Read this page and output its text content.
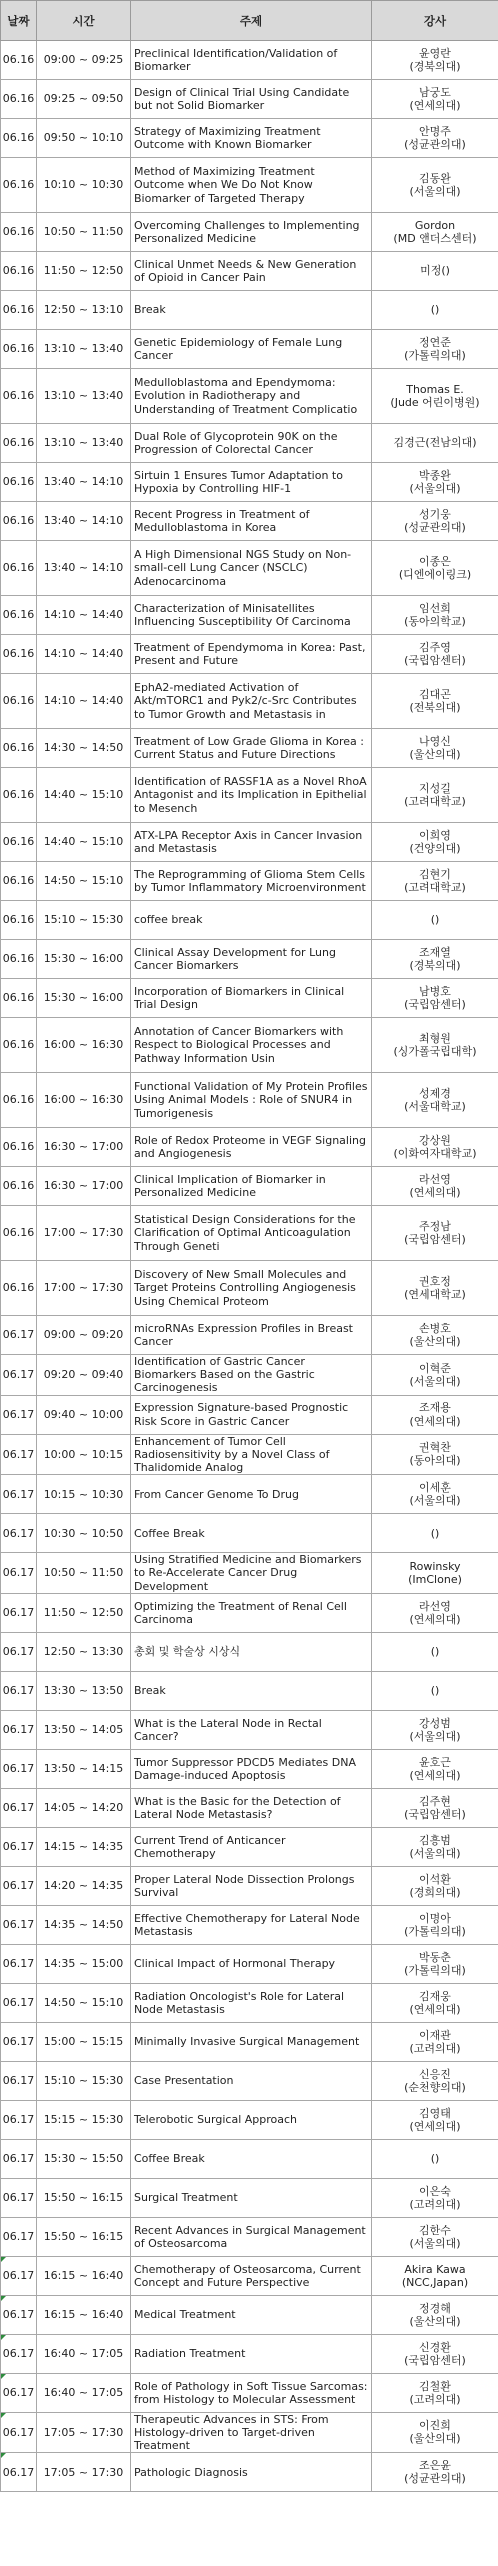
날짜	시간	주제	강사
06.16	09:00 ~ 09:25	Preclinical Identification/Validation of Biomarker	윤영란
(경북의대)
06.16	09:25 ~ 09:50	Design of Clinical Trial Using Candidate but not Solid Biomarker	남궁도
(연세의대)
06.16	09:50 ~ 10:10	Strategy of Maximizing Treatment Outcome with Known Biomarker	안명주
(성균관의대)
06.16	10:10 ~ 10:30	Method of Maximizing Treatment Outcome when We Do Not Know Biomarker of Targeted Therapy	김동완
(서울의대)
06.16	10:50 ~ 11:50	Overcoming Challenges to Implementing Personalized Medicine	Gordon
(MD 앤더스센터)
06.16	11:50 ~ 12:50	Clinical Unmet Needs & New Generation of Opioid in Cancer Pain	미정()
06.16	12:50 ~ 13:10	Break	()
06.16	13:10 ~ 13:40	Genetic Epidemiology of Female Lung Cancer	정연준
(가톨릭의대)
06.16	13:10 ~ 13:40	Medulloblastoma and Ependymoma: Evolution in Radiotherapy and Understanding of Treatment Complicatio	Thomas E.
(Jude 어린이병원)
06.16	13:10 ~ 13:40	Dual Role of Glycoprotein 90K on the Progression of Colorectal Cancer	김경근(전남의대)
06.16	13:40 ~ 14:10	Sirtuin 1 Ensures Tumor Adaptation to Hypoxia by Controlling HIF-1	박종완
(서울의대)
06.16	13:40 ~ 14:10	Recent Progress in Treatment of Medulloblastoma in Korea	성기웅
(성균관의대)
06.16	13:40 ~ 14:10	A High Dimensional NGS Study on Non-small-cell Lung Cancer (NSCLC) Adenocarcinoma	이종은
(디엔에이링크)
06.16	14:10 ~ 14:40	Characterization of Minisatellites Influencing Susceptibility Of Carcinoma	임선희
(동아의학교)
06.16	14:10 ~ 14:40	Treatment of Ependymoma in Korea: Past, Present and Future	김주영
(국립암센터)
06.16	14:10 ~ 14:40	EphA2-mediated Activation of Akt/mTORC1 and Pyk2/c-Src Contributes to Tumor Growth and Metastasis in	김대곤
(전북의대)
06.16	14:30 ~ 14:50	Treatment of Low Grade Glioma in Korea : Current Status and Future Directions	나영신
(울산의대)
06.16	14:40 ~ 15:10	Identification of RASSF1A as a Novel RhoA Antagonist and its Implication in Epithelial to Mesench	지성길
(고려대학교)
06.16	14:40 ~ 15:10	ATX-LPA Receptor Axis in Cancer Invasion and Metastasis	이희영
(건양의대)
06.16	14:50 ~ 15:10	The Reprogramming of Glioma Stem Cells by Tumor Inflammatory Microenvironment	김현기
(고려대학교)
06.16	15:10 ~ 15:30	coffee break	()
06.16	15:30 ~ 16:00	Clinical Assay Development for Lung Cancer Biomarkers	조재열
(경북의대)
06.16	15:30 ~ 16:00	Incorporation of Biomarkers in Clinical Trial Design	남병호
(국립암센터)
06.16	16:00 ~ 16:30	Annotation of Cancer Biomarkers with Respect to Biological Processes and Pathway Information Usin	최형원
(싱가폴국립대학)
06.16	16:00 ~ 16:30	Functional Validation of My Protein Profiles Using Animal Models : Role of SNUR4 in Tumorigenesis	성제경
(서울대학교)
06.16	16:30 ~ 17:00	Role of Redox Proteome in VEGF Signaling and Angiogenesis	강상원
(이화여자대학교)
06.16	16:30 ~ 17:00	Clinical Implication of Biomarker in Personalized Medicine	라선영
(연세의대)
06.16	17:00 ~ 17:30	Statistical Design Considerations for the Clarification of Optimal Anticoagulation Through Geneti	주정남
(국립암센터)
06.16	17:00 ~ 17:30	Discovery of New Small Molecules and Target Proteins Controlling Angiogenesis Using Chemical Proteom	권호정
(연세대학교)
06.17	09:00 ~ 09:20	microRNAs Expression Profiles in Breast Cancer	손병호
(울산의대)
06.17	09:20 ~ 09:40	Identification of Gastric Cancer Biomarkers Based on the Gastric Carcinogenesis	이혁준
(서울의대)
06.17	09:40 ~ 10:00	Expression Signature-based Prognostic Risk Score in Gastric Cancer	조재용
(연세의대)
06.17	10:00 ~ 10:15	Enhancement of Tumor Cell Radiosensitivity by a Novel Class of Thalidomide Analog	권혁찬
(동아의대)
06.17	10:15 ~ 10:30	From Cancer Genome To Drug	이세훈
(서울의대)
06.17	10:30 ~ 10:50	Coffee Break	()
06.17	10:50 ~ 11:50	Using Stratified Medicine and Biomarkers to Re-Accelerate Cancer Drug Development	Rowinsky
(ImClone)
06.17	11:50 ~ 12:50	Optimizing the Treatment of Renal Cell Carcinoma	라선영
(연세의대)
06.17	12:50 ~ 13:30	총회 및 학술상 시상식	()
06.17	13:30 ~ 13:50	Break	()
06.17	13:50 ~ 14:05	What is the Lateral Node in Rectal Cancer?	강성범
(서울의대)
06.17	13:50 ~ 14:15	Tumor Suppressor PDCD5 Mediates DNA Damage-induced Apoptosis	윤호근
(연세의대)
06.17	14:05 ~ 14:20	What is the Basic for the Detection of Lateral Node Metastasis?	김주현
(국립암센터)
06.17	14:15 ~ 14:35	Current Trend of Anticancer Chemotherapy	김흥범
(서울의대)
06.17	14:20 ~ 14:35	Proper Lateral Node Dissection Prolongs Survival	이석환
(경희의대)
06.17	14:35 ~ 14:50	Effective Chemotherapy for Lateral Node Metastasis	이명아
(가톨릭의대)
06.17	14:35 ~ 15:00	Clinical Impact of Hormonal Therapy	박동춘
(가톨릭의대)
06.17	14:50 ~ 15:10	Radiation Oncologist's Role for Lateral Node Metastasis	김재웅
(연세의대)
06.17	15:00 ~ 15:15	Minimally Invasive Surgical Management	이재관
(고려의대)
06.17	15:10 ~ 15:30	Case Presentation	신응진
(순천향의대)
06.17	15:15 ~ 15:30	Telerobotic Surgical Approach	김영태
(연세의대)
06.17	15:30 ~ 15:50	Coffee Break	()
06.17	15:50 ~ 16:15	Surgical Treatment	이은숙
(고려의대)
06.17	15:50 ~ 16:15	Recent Advances in Surgical Management of Osteosarcoma	김한수
(서울의대)
06.17	16:15 ~ 16:40	Chemotherapy of Osteosarcoma, Current Concept and Future Perspective	Akira Kawa
(NCC,Japan)
06.17	16:15 ~ 16:40	Medical Treatment	정경해
(울산의대)
06.17	16:40 ~ 17:05	Radiation Treatment	신경환
(국립암센터)
06.17	16:40 ~ 17:05	Role of Pathology in Soft Tissue Sarcomas: from Histology to Molecular Assessment	김철환
(고려의대)
06.17	17:05 ~ 17:30	Therapeutic Advances in STS: From Histology-driven to Target-driven Treatment	이진희
(울산의대)
06.17	17:05 ~ 17:30	Pathologic Diagnosis	조은윤
(성균관의대)
